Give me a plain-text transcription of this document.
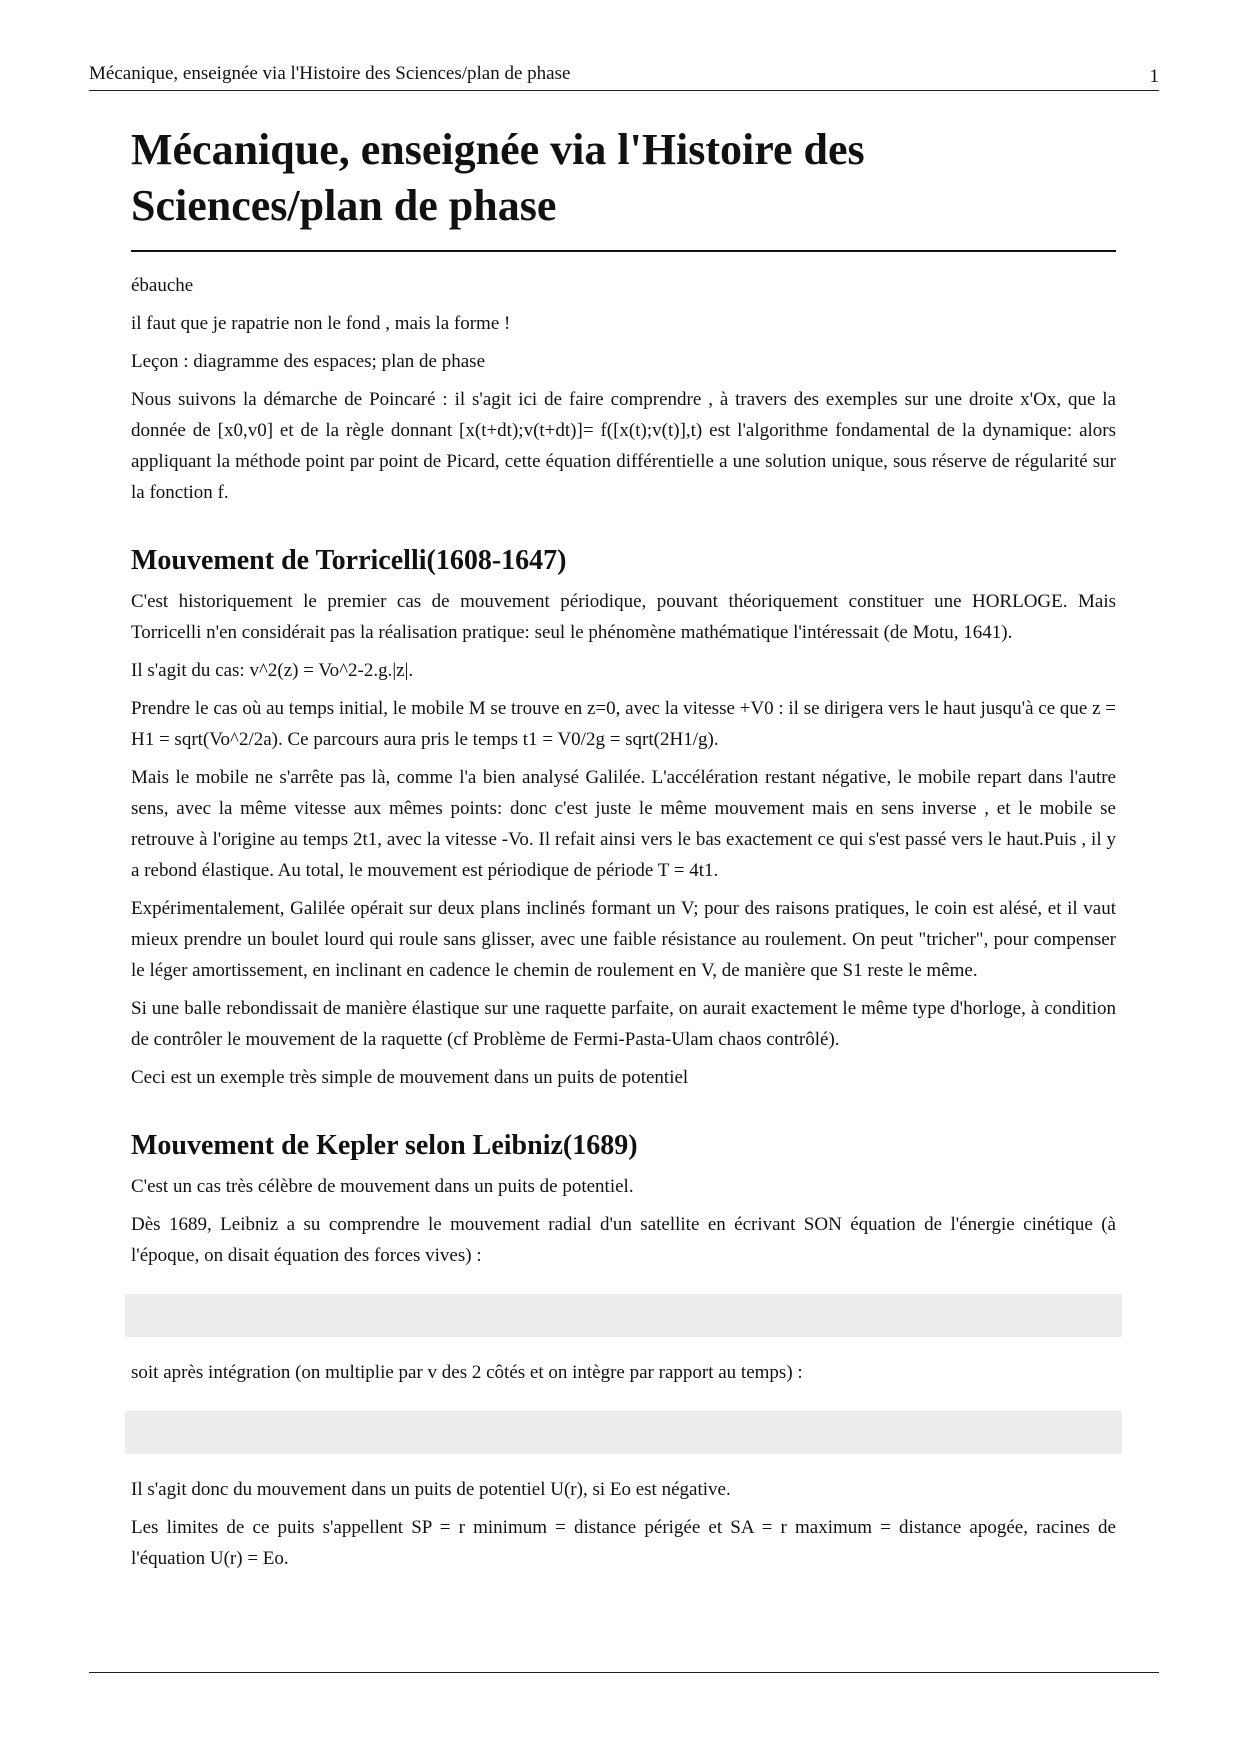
Mécanique, enseignée via l'Histoire des Sciences/plan de phase	1
Mécanique, enseignée via l'Histoire des Sciences/plan de phase

ébauche

il faut que je rapatrie non le fond , mais la forme !

Leçon : diagramme des espaces; plan de phase

Nous suivons la démarche de Poincaré : il s'agit ici de faire comprendre , à travers des exemples sur une droite x'Ox, que la donnée de [x0,v0] et de la règle donnant [x(t+dt);v(t+dt)]= f([x(t);v(t)],t) est l'algorithme fondamental de la dynamique: alors appliquant la méthode point par point de Picard, cette équation différentielle a une solution unique, sous réserve de régularité sur la fonction f.

Mouvement de Torricelli(1608-1647)

C'est historiquement le premier cas de mouvement périodique, pouvant théoriquement constituer une HORLOGE. Mais Torricelli n'en considérait pas la réalisation pratique: seul le phénomène mathématique l'intéressait (de Motu, 1641).

Il s'agit du cas: v^2(z) = Vo^2-2.g.|z|.

Prendre le cas où au temps initial, le mobile M se trouve en z=0, avec la vitesse +V0 : il se dirigera vers le haut jusqu'à ce que z = H1 = sqrt(Vo^2/2a). Ce parcours aura pris le temps t1 = V0/2g = sqrt(2H1/g).

Mais le mobile ne s'arrête pas là, comme l'a bien analysé Galilée. L'accélération restant négative, le mobile repart dans l'autre sens, avec la même vitesse aux mêmes points: donc c'est juste le même mouvement mais en sens inverse , et le mobile se retrouve à l'origine au temps 2t1, avec la vitesse -Vo. Il refait ainsi vers le bas exactement ce qui s'est passé vers le haut.Puis , il y a rebond élastique. Au total, le mouvement est périodique de période T = 4t1.

Expérimentalement, Galilée opérait sur deux plans inclinés formant un V; pour des raisons pratiques, le coin est alésé, et il vaut mieux prendre un boulet lourd qui roule sans glisser, avec une faible résistance au roulement. On peut "tricher", pour compenser le léger amortissement, en inclinant en cadence le chemin de roulement en V, de manière que S1 reste le même.

Si une balle rebondissait de manière élastique sur une raquette parfaite, on aurait exactement le même type d'horloge, à condition de contrôler le mouvement de la raquette (cf Problème de Fermi-Pasta-Ulam chaos contrôlé).

Ceci est un exemple très simple de mouvement dans un puits de potentiel

Mouvement de Kepler selon Leibniz(1689)

C'est un cas très célèbre de mouvement dans un puits de potentiel.

Dès 1689, Leibniz a su comprendre le mouvement radial d'un satellite en écrivant SON équation de l'énergie cinétique (à l'époque, on disait équation des forces vives) :

soit après intégration (on multiplie par v des 2 côtés et on intègre par rapport au temps) :

Il s'agit donc du mouvement dans un puits de potentiel U(r), si Eo est négative.

Les limites de ce puits s'appellent SP = r minimum = distance périgée et SA = r maximum = distance apogée, racines de l'équation U(r) = Eo.
